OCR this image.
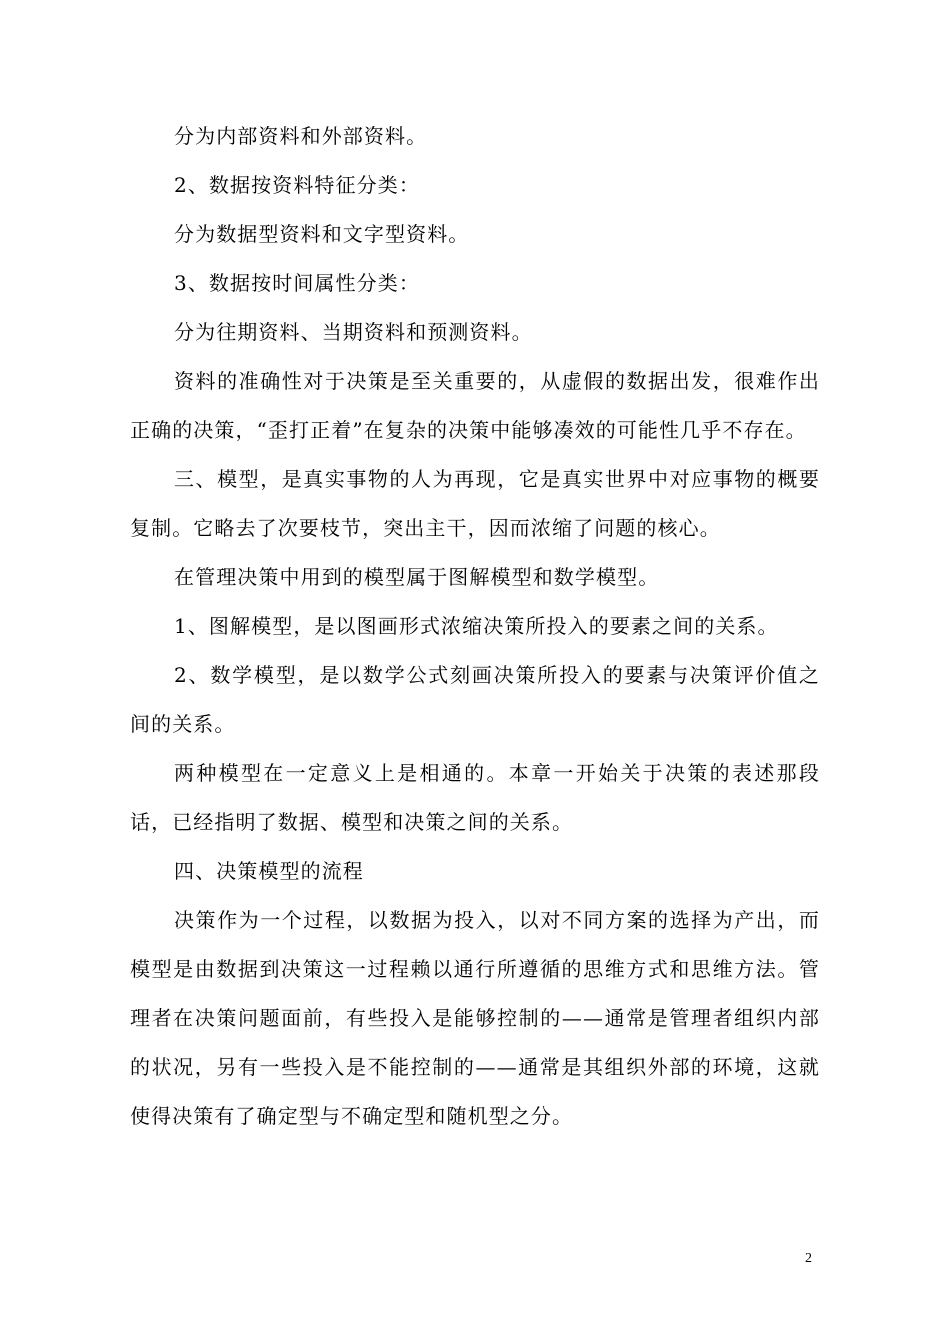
分为内部资料和外部资料。

2、数据按资料特征分类：

分为数据型资料和文字型资料。

3、数据按时间属性分类：

分为往期资料、当期资料和预测资料。

资料的准确性对于决策是至关重要的，从虚假的数据出发，很难作出正确的决策，“歪打正着”在复杂的决策中能够凑效的可能性几乎不存在。

三、模型，是真实事物的人为再现，它是真实世界中对应事物的概要复制。它略去了次要枝节，突出主干，因而浓缩了问题的核心。

在管理决策中用到的模型属于图解模型和数学模型。

1、图解模型，是以图画形式浓缩决策所投入的要素之间的关系。

2、数学模型，是以数学公式刻画决策所投入的要素与决策评价值之间的关系。

两种模型在一定意义上是相通的。本章一开始关于决策的表述那段话，已经指明了数据、模型和决策之间的关系。

四、决策模型的流程

决策作为一个过程，以数据为投入，以对不同方案的选择为产出，而模型是由数据到决策这一过程赖以通行所遵循的思维方式和思维方法。管理者在决策问题面前，有些投入是能够控制的——通常是管理者组织内部的状况，另有一些投入是不能控制的——通常是其组织外部的环境，这就使得决策有了确定型与不确定型和随机型之分。

2
